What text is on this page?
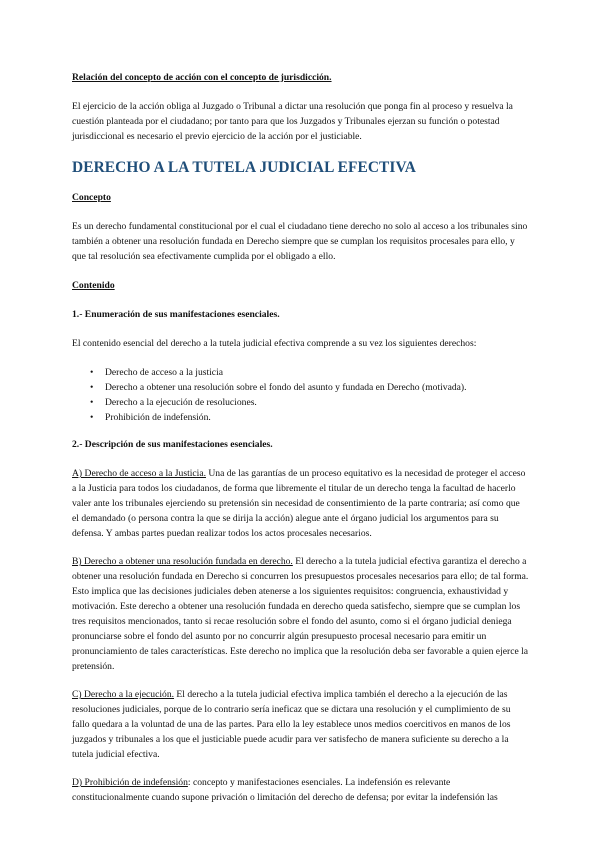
Relación del concepto de acción con el concepto de jurisdicción.

El ejercicio de la acción obliga al Juzgado o Tribunal a dictar una resolución que ponga fin al proceso y resuelva la cuestión planteada por el ciudadano; por tanto para que los Juzgados y Tribunales ejerzan su función o potestad jurisdiccional es necesario el previo ejercicio de la acción por el justiciable.

DERECHO A LA TUTELA JUDICIAL EFECTIVA

Concepto

Es un derecho fundamental constitucional por el cual el ciudadano tiene derecho no solo al acceso a los tribunales sino también a obtener una resolución fundada en Derecho siempre que se cumplan los requisitos procesales para ello, y que tal resolución sea efectivamente cumplida por el obligado a ello.

Contenido

1.- Enumeración de sus manifestaciones esenciales.

El contenido esencial del derecho a la tutela judicial efectiva comprende a su vez los siguientes derechos:

• Derecho de acceso a la justicia
• Derecho a obtener una resolución sobre el fondo del asunto y fundada en Derecho (motivada).
• Derecho a la ejecución de resoluciones.
• Prohibición de indefensión.

2.- Descripción de sus manifestaciones esenciales.

A) Derecho de acceso a la Justicia. Una de las garantías de un proceso equitativo es la necesidad de proteger el acceso a la Justicia para todos los ciudadanos, de forma que libremente el titular de un derecho tenga la facultad de hacerlo valer ante los tribunales ejerciendo su pretensión sin necesidad de consentimiento de la parte contraria; así como que el demandado (o persona contra la que se dirija la acción) alegue ante el órgano judicial los argumentos para su defensa. Y ambas partes puedan realizar todos los actos procesales necesarios.

B) Derecho a obtener una resolución fundada en derecho. El derecho a la tutela judicial efectiva garantiza el derecho a obtener una resolución fundada en Derecho si concurren los presupuestos procesales necesarios para ello; de tal forma. Esto implica que las decisiones judiciales deben atenerse a los siguientes requisitos: congruencia, exhaustividad y motivación. Este derecho a obtener una resolución fundada en derecho queda satisfecho, siempre que se cumplan los tres requisitos mencionados, tanto si recae resolución sobre el fondo del asunto, como si el órgano judicial deniega pronunciarse sobre el fondo del asunto por no concurrir algún presupuesto procesal necesario para emitir un pronunciamiento de tales características. Este derecho no implica que la resolución deba ser favorable a quien ejerce la pretensión.

C) Derecho a la ejecución. El derecho a la tutela judicial efectiva implica también el derecho a la ejecución de las resoluciones judiciales, porque de lo contrario sería ineficaz que se dictara una resolución y el cumplimiento de su fallo quedara a la voluntad de una de las partes. Para ello la ley establece unos medios coercitivos en manos de los juzgados y tribunales a los que el justiciable puede acudir para ver satisfecho de manera suficiente su derecho a la tutela judicial efectiva.

D) Prohibición de indefensión: concepto y manifestaciones esenciales. La indefensión es relevante constitucionalmente cuando supone privación o limitación del derecho de defensa; por evitar la indefensión las
